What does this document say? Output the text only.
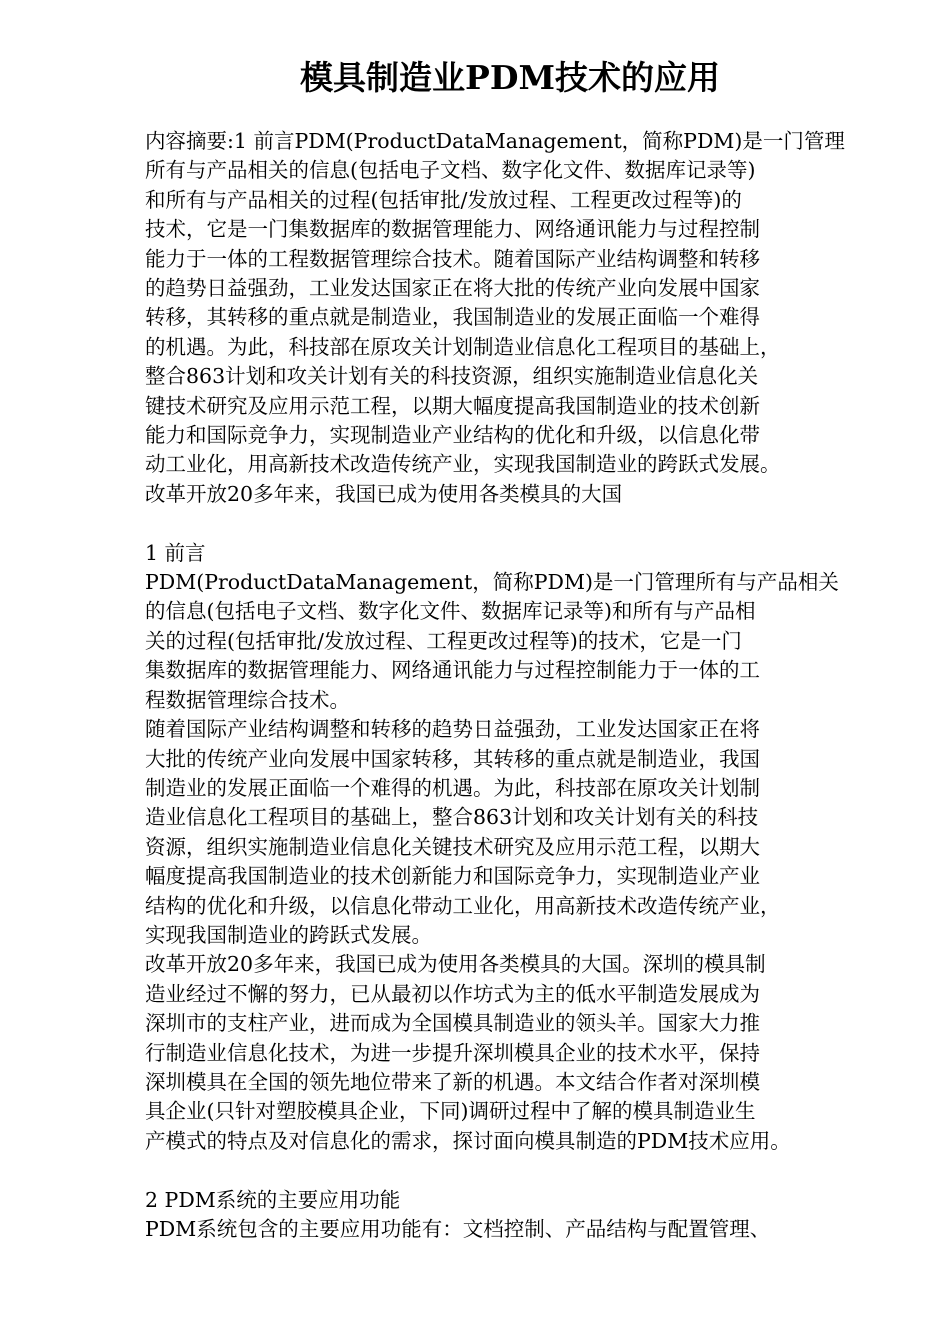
模具制造业PDM技术的应用

内容摘要:1 前言PDM(ProductDataManagement，简称PDM)是一门管理

所有与产品相关的信息(包括电子文档、数字化文件、数据库记录等)

和所有与产品相关的过程(包括审批/发放过程、工程更改过程等)的

技术，它是一门集数据库的数据管理能力、网络通讯能力与过程控制

能力于一体的工程数据管理综合技术。随着国际产业结构调整和转移

的趋势日益强劲，工业发达国家正在将大批的传统产业向发展中国家

转移，其转移的重点就是制造业，我国制造业的发展正面临一个难得

的机遇。为此，科技部在原攻关计划制造业信息化工程项目的基础上，

整合863计划和攻关计划有关的科技资源，组织实施制造业信息化关

键技术研究及应用示范工程，以期大幅度提高我国制造业的技术创新

能力和国际竞争力，实现制造业产业结构的优化和升级，以信息化带

动工业化，用高新技术改造传统产业，实现我国制造业的跨跃式发展。

改革开放20多年来，我国已成为使用各类模具的大国

1 前言

PDM(ProductDataManagement，简称PDM)是一门管理所有与产品相关

的信息(包括电子文档、数字化文件、数据库记录等)和所有与产品相

关的过程(包括审批/发放过程、工程更改过程等)的技术，它是一门

集数据库的数据管理能力、网络通讯能力与过程控制能力于一体的工

程数据管理综合技术。

随着国际产业结构调整和转移的趋势日益强劲，工业发达国家正在将

大批的传统产业向发展中国家转移，其转移的重点就是制造业，我国

制造业的发展正面临一个难得的机遇。为此，科技部在原攻关计划制

造业信息化工程项目的基础上，整合863计划和攻关计划有关的科技

资源，组织实施制造业信息化关键技术研究及应用示范工程，以期大

幅度提高我国制造业的技术创新能力和国际竞争力，实现制造业产业

结构的优化和升级，以信息化带动工业化，用高新技术改造传统产业，

实现我国制造业的跨跃式发展。

改革开放20多年来，我国已成为使用各类模具的大国。深圳的模具制

造业经过不懈的努力，已从最初以作坊式为主的低水平制造发展成为

深圳市的支柱产业，进而成为全国模具制造业的领头羊。国家大力推

行制造业信息化技术，为进一步提升深圳模具企业的技术水平，保持

深圳模具在全国的领先地位带来了新的机遇。本文结合作者对深圳模

具企业(只针对塑胶模具企业，下同)调研过程中了解的模具制造业生

产模式的特点及对信息化的需求，探讨面向模具制造的PDM技术应用。

2 PDM系统的主要应用功能

PDM系统包含的主要应用功能有：文档控制、产品结构与配置管理、
